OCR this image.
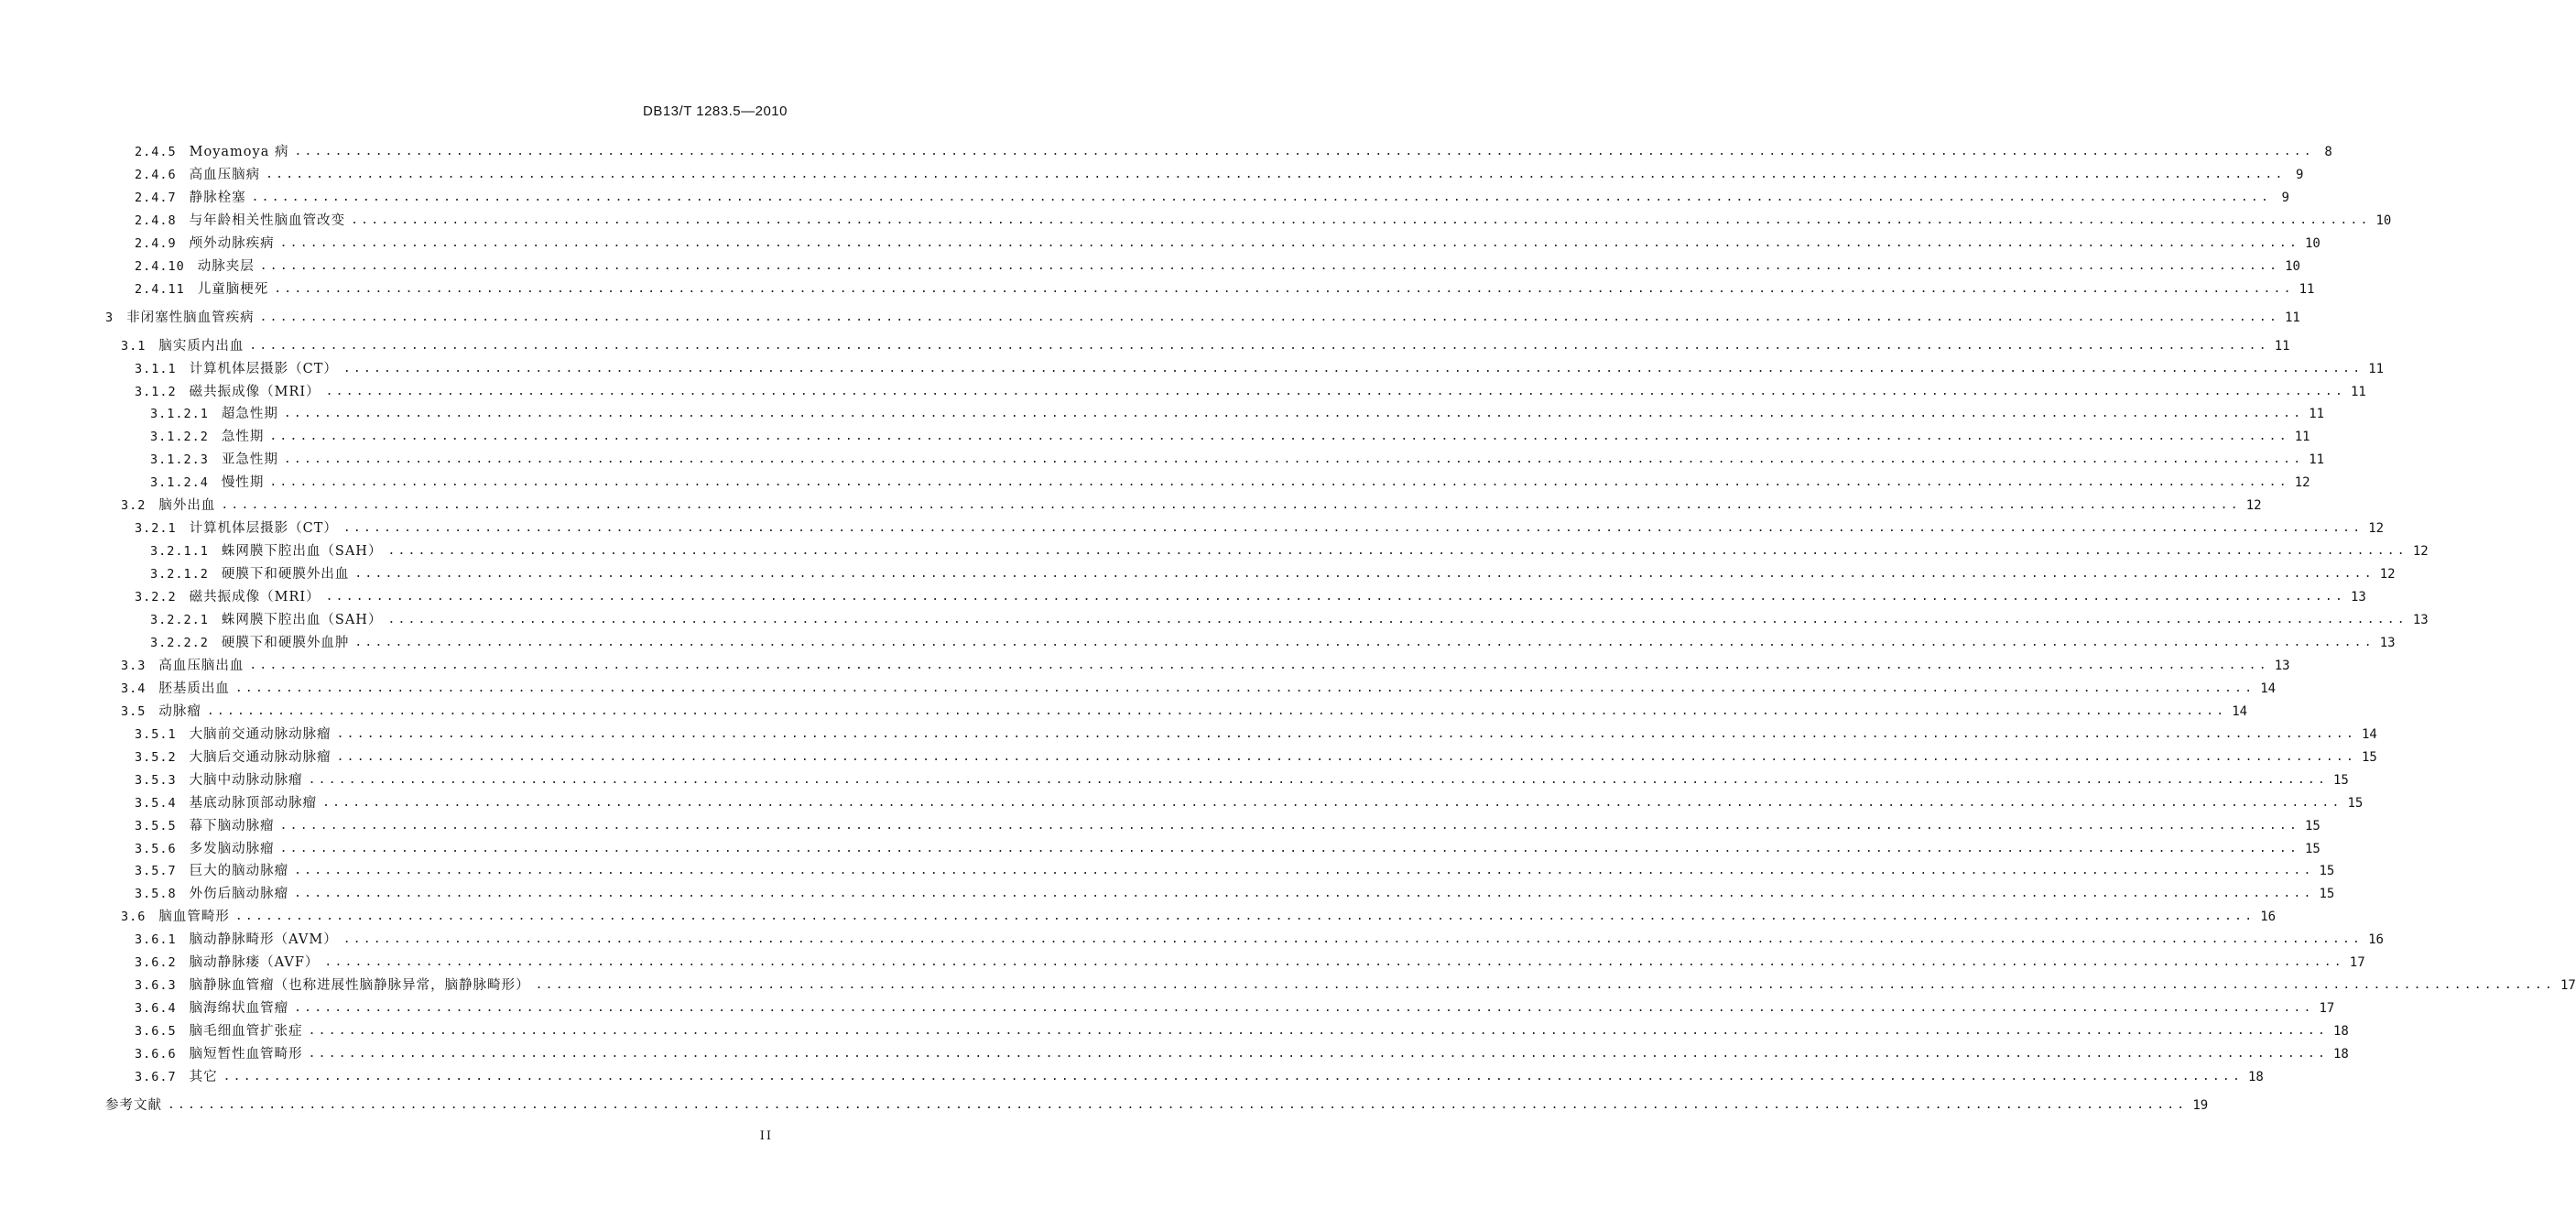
DB13/T 1283.5—2010
2.4.5 Moyamoya 病 ........................................................................................................................................................................................................ 8
2.4.6 高血压脑病 ........................................................................................................................................................................................................ 9
2.4.7 静脉栓塞 ........................................................................................................................................................................................................ 9
2.4.8 与年龄相关性脑血管改变 ........................................................................................................................................................................................................ 10
2.4.9 颅外动脉疾病 ........................................................................................................................................................................................................ 10
2.4.10 动脉夹层 ........................................................................................................................................................................................................ 10
2.4.11 儿童脑梗死 ........................................................................................................................................................................................................ 11
3 非闭塞性脑血管疾病 ........................................................................................................................................................................................................ 11
3.1 脑实质内出血 ........................................................................................................................................................................................................ 11
3.1.1 计算机体层摄影（CT） ........................................................................................................................................................................................................ 11
3.1.2 磁共振成像（MRI） ........................................................................................................................................................................................................ 11
3.1.2.1 超急性期 ........................................................................................................................................................................................................ 11
3.1.2.2 急性期 ........................................................................................................................................................................................................ 11
3.1.2.3 亚急性期 ........................................................................................................................................................................................................ 11
3.1.2.4 慢性期 ........................................................................................................................................................................................................ 12
3.2 脑外出血 ........................................................................................................................................................................................................ 12
3.2.1 计算机体层摄影（CT） ........................................................................................................................................................................................................ 12
3.2.1.1 蛛网膜下腔出血（SAH） ........................................................................................................................................................................................................ 12
3.2.1.2 硬膜下和硬膜外出血 ........................................................................................................................................................................................................ 12
3.2.2 磁共振成像（MRI） ........................................................................................................................................................................................................ 13
3.2.2.1 蛛网膜下腔出血（SAH） ........................................................................................................................................................................................................ 13
3.2.2.2 硬膜下和硬膜外血肿 ........................................................................................................................................................................................................ 13
3.3 高血压脑出血 ........................................................................................................................................................................................................ 13
3.4 胚基质出血 ........................................................................................................................................................................................................ 14
3.5 动脉瘤 ........................................................................................................................................................................................................ 14
3.5.1 大脑前交通动脉动脉瘤 ........................................................................................................................................................................................................ 14
3.5.2 大脑后交通动脉动脉瘤 ........................................................................................................................................................................................................ 15
3.5.3 大脑中动脉动脉瘤 ........................................................................................................................................................................................................ 15
3.5.4 基底动脉顶部动脉瘤 ........................................................................................................................................................................................................ 15
3.5.5 幕下脑动脉瘤 ........................................................................................................................................................................................................ 15
3.5.6 多发脑动脉瘤 ........................................................................................................................................................................................................ 15
3.5.7 巨大的脑动脉瘤 ........................................................................................................................................................................................................ 15
3.5.8 外伤后脑动脉瘤 ........................................................................................................................................................................................................ 15
3.6 脑血管畸形 ........................................................................................................................................................................................................ 16
3.6.1 脑动静脉畸形（AVM） ........................................................................................................................................................................................................ 16
3.6.2 脑动静脉瘘（AVF） ........................................................................................................................................................................................................ 17
3.6.3 脑静脉血管瘤（也称进展性脑静脉异常，脑静脉畸形） ........................................................................................................................................................................................................ 17
3.6.4 脑海绵状血管瘤 ........................................................................................................................................................................................................ 17
3.6.5 脑毛细血管扩张症 ........................................................................................................................................................................................................ 18
3.6.6 脑短暂性血管畸形 ........................................................................................................................................................................................................ 18
3.6.7 其它 ........................................................................................................................................................................................................ 18
参考文献 ........................................................................................................................................................................................................ 19
II
